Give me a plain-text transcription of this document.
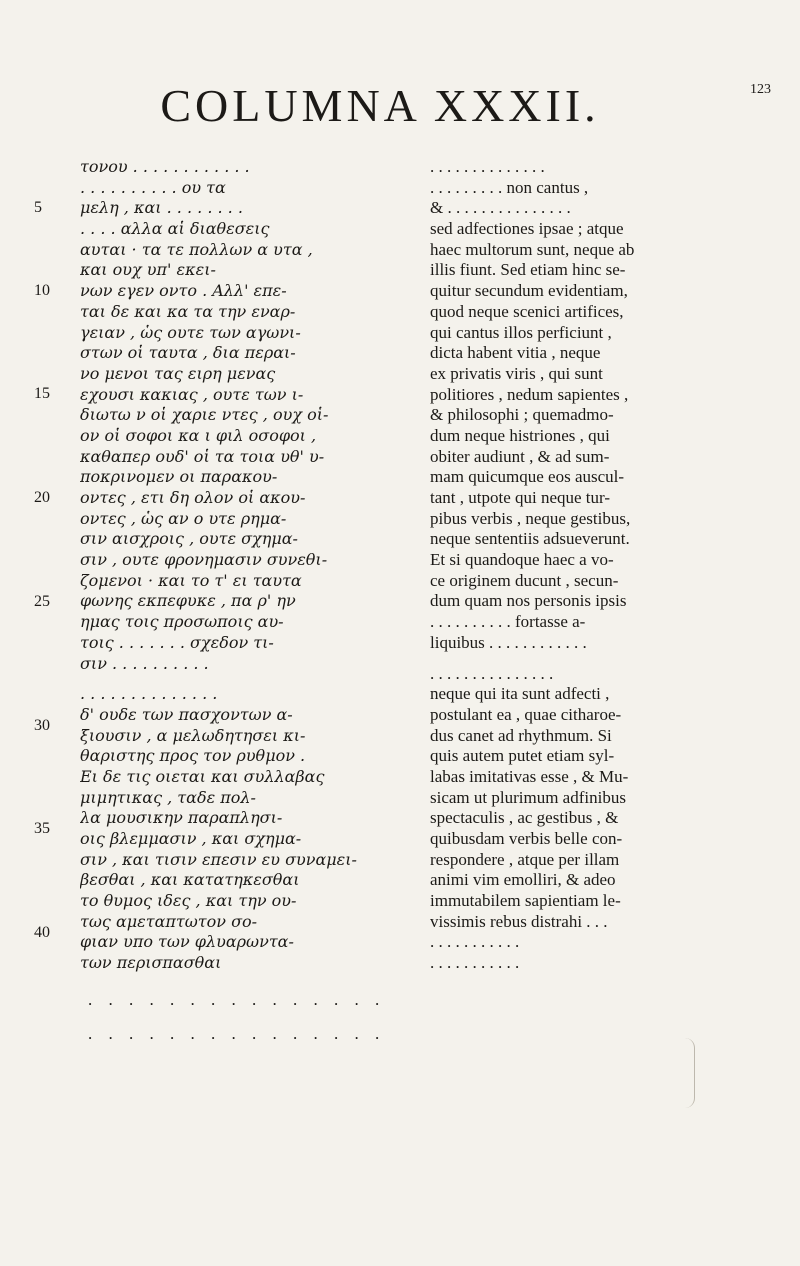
COLUMNA XXXII.	123
5
10
15
20
25
30
35
40
τονου . . . . . . . . . . . .
. . . . . . . . . . ου τα
μελη , και . . . . . . . .
. . . . αλλα αἱ διαθεσεις
αυται · τα τε πολλων α υτα ,
και ουχ υπ' εκει-
νων εγεν οντο . Αλλ' επε-
ται δε και κα τα την εναρ-
γειαν , ὡς ουτε των αγωνι-
στων οἱ ταυτα , δια περαι-
νο μενοι τας ειρη μενας
εχουσι κακιας , ουτε των ι-
διωτω ν οἱ χαριε ντες , ουχ οἱ-
ον οἱ σοφοι κα ι φιλ οσοφοι ,
καθαπερ ουδ' οἱ τα τοια υθ' υ-
ποκρινομεν οι παρακου-
οντες , ετι δη ολον οἱ ακου-
οντες , ὡς αν ο υτε ρημα-
σιν αισχροις , ουτε σχημα-
σιν , ουτε φρονημασιν συνεθι-
ζομενοι · και το τ' ει ταυτα
φωνης εκπεφυκε , πα ρ' ην
ημας τοις προσωποις αυ-
τοις . . . . . . . σχεδον τι-
σιν . . . . . . . . . .
. . . . . . . . . . . . . .
δ' ουδε των πασχοντων α-
ξιουσιν , α μελωδητησει κι-
θαριστης προς τον ρυθμον .
Ει δε τις οιεται και συλλαβας
μιμητικας , ταδε πολ-
λα μουσικην παραπλησι-
οις βλεμμασιν , και σχημα-
σιν , και τισιν επεσιν ευ συναμει-
βεσθαι , και κατατηκεσθαι
το θυμος ιδες , και την ου-
τως αμεταπτωτον σο-
φιαν υπο των φλυαρωντα-
των περισπασθαι
. . . . . . . . . . . . . .
. . . . . . . . . non cantus ,
& . . . . . . . . . . . . . . .
sed adfectiones ipsae ; atque
haec multorum sunt, neque ab
illis fiunt. Sed etiam hinc se-
quitur secundum evidentiam,
quod neque scenici artifices,
qui cantus illos perficiunt ,
dicta habent vitia , neque
ex privatis viris , qui sunt
politiores , nedum sapientes ,
& philosophi ; quemadmo-
dum neque histriones , qui
obiter audiunt , & ad sum-
mam quicumque eos auscul-
tant , utpote qui neque tur-
pibus verbis , neque gestibus,
neque sententiis adsueverunt.
Et si quandoque haec a vo-
ce originem ducunt , secun-
dum quam nos personis ipsis
. . . . . . . . . . fortasse a-
liquibus . . . . . . . . . . . .
. . . . . . . . . . . . . . .
neque qui ita sunt adfecti ,
postulant ea , quae citharoe-
dus canet ad rhythmum. Si
quis autem putet etiam syl-
labas imitativas esse , & Mu-
sicam ut plurimum adfinibus
spectaculis , ac gestibus , &
quibusdam verbis belle con-
respondere , atque per illam
animi vim emolliri, & adeo
immutabilem sapientiam le-
vissimis rebus distrahi . . .
. . . . . . . . . . .
. . . . . . . . . . .
. . . . . . . . . . . . . . .
. . . . . . . . . . . . . . .
